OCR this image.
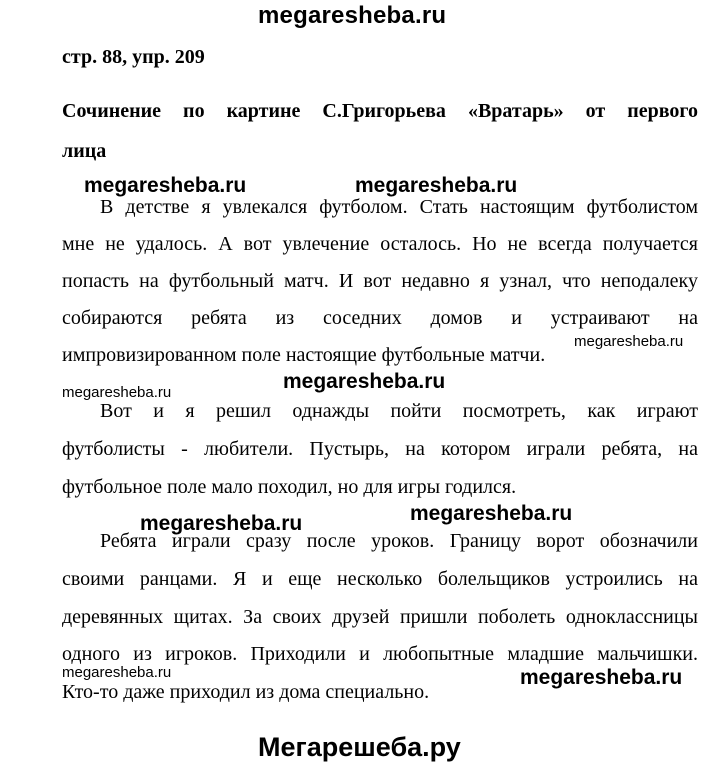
megaresheba.ru
стр. 88, упр. 209
Сочинение по картине С.Григорьева «Вратарь» от первого
лица
megaresheba.ru	megaresheba.ru
В детстве я увлекался футболом. Стать настоящим футболистом
мне не удалось. А вот увлечение осталось. Но не всегда получается
попасть на футбольный матч. И вот недавно я узнал, что неподалеку
собираются ребята из соседних домов и устраивают на
megaresheba.ru
импровизированном поле настоящие футбольные матчи.
megaresheba.ru	megaresheba.ru
Вот и я решил однажды пойти посмотреть, как играют
футболисты - любители. Пустырь, на котором играли ребята, на
футбольное поле мало походил, но для игры годился.
megaresheba.ru	megaresheba.ru
Ребята играли сразу после уроков. Границу ворот обозначили
своими ранцами. Я и еще несколько болельщиков устроились на
деревянных щитах. За своих друзей пришли поболеть одноклассницы
одного из игроков. Приходили и любопытные младшие мальчишки.
megaresheba.ru	megaresheba.ru
Кто-то даже приходил из дома специально.
Мегарешеба.ру
